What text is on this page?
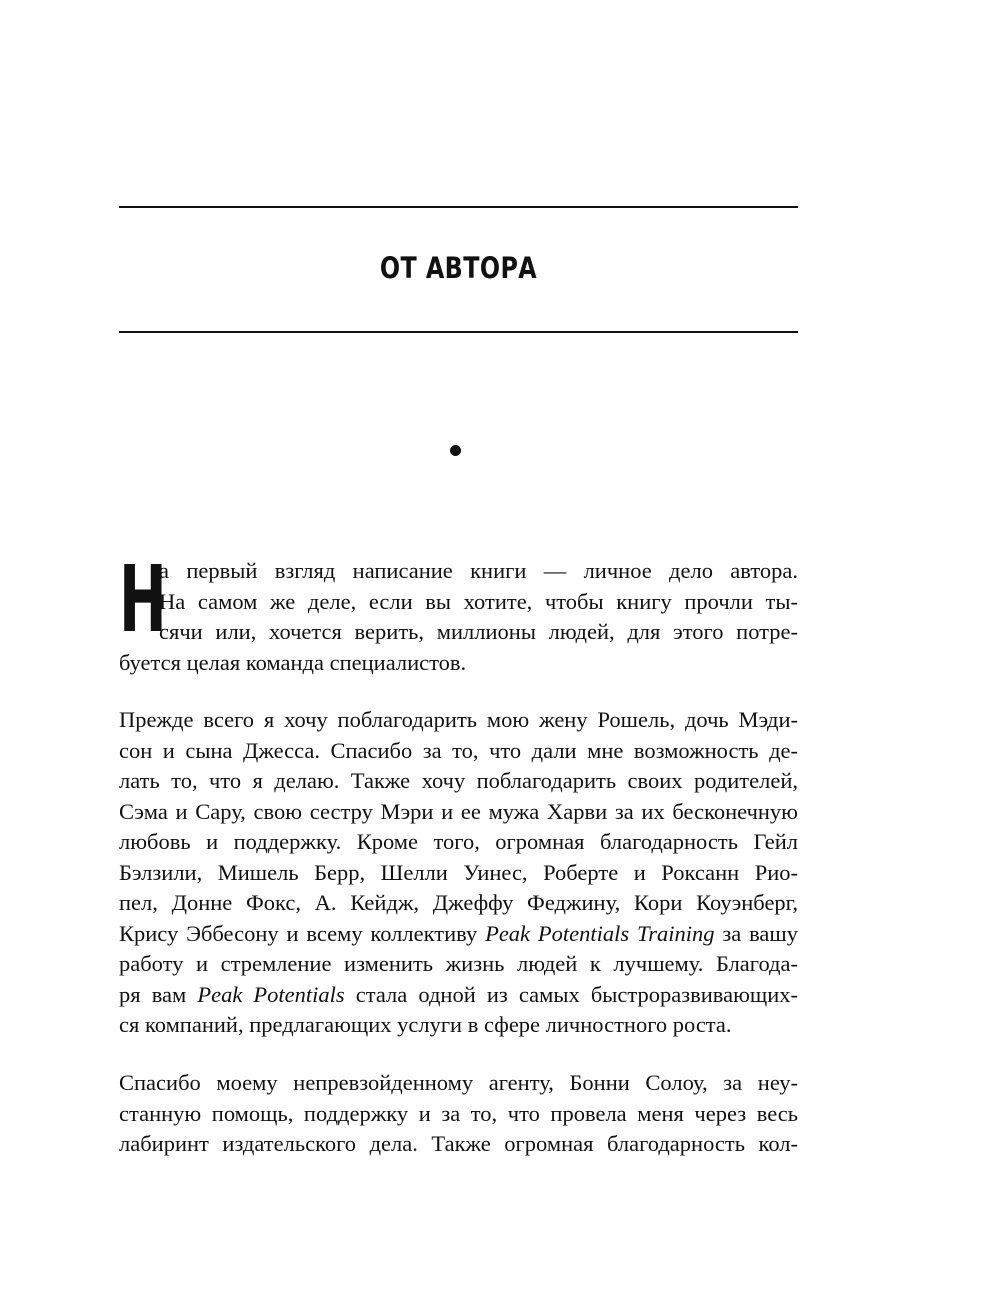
ОТ АВТОРА
Н
а первый взгляд написание книги — личное дело автора.
На самом же деле, если вы хотите, чтобы книгу прочли ты-
сячи или, хочется верить, миллионы людей, для этого потре-
буется целая команда специалистов.
Прежде всего я хочу поблагодарить мою жену Рошель, дочь Мэди-
сон и сына Джесса. Спасибо за то, что дали мне возможность де-
лать то, что я делаю. Также хочу поблагодарить своих родителей,
Сэма и Сару, свою сестру Мэри и ее мужа Харви за их бесконечную
любовь и поддержку. Кроме того, огромная благодарность Гейл
Бэлзили, Мишель Берр, Шелли Уинес, Роберте и Роксанн Рио-
пел, Донне Фокс, А. Кейдж, Джеффу Феджину, Кори Коуэнберг,
Крису Эббесону и всему коллективу Peak Potentials Training за вашу
работу и стремление изменить жизнь людей к лучшему. Благода-
ря вам Peak Potentials стала одной из самых быстроразвивающих-
ся компаний, предлагающих услуги в сфере личностного роста.
Спасибо моему непревзойденному агенту, Бонни Солоу, за неу-
станную помощь, поддержку и за то, что провела меня через весь
лабиринт издательского дела. Также огромная благодарность кол-
